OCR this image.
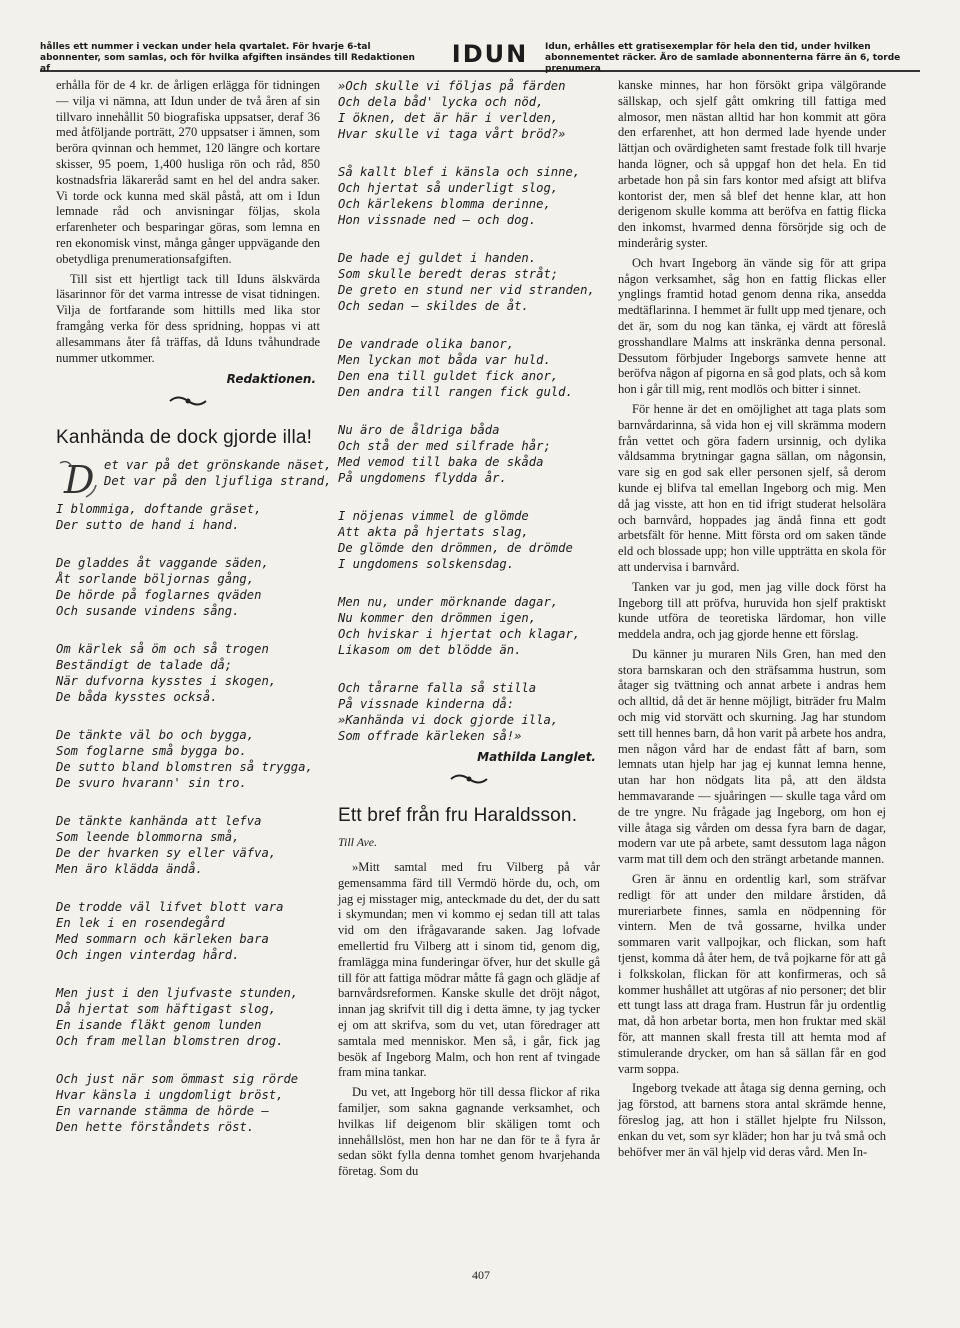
hålles ett nummer i veckan under hela qvartalet. För hvarje 6-tal abonnenter, som samlas, och för hvilka afgiften insändes till Redaktionen af
IDUN	Idun, erhålles ett gratisexemplar för hela den tid, under hvilken abonnementet räcker. Äro de samlade abonnenterna färre än 6, torde prenumera

erhålla för de 4 kr. de årligen erlägga för tidningen — vilja vi nämna, att Idun under de två åren af sin tillvaro innehållit 50 biografiska uppsatser, deraf 36 med åtföljande porträtt, 270 uppsatser i ämnen, som beröra qvinnan och hemmet, 120 längre och kortare skisser, 95 poem, 1,400 husliga rön och råd, 850 kostnadsfria läkareråd samt en hel del andra saker. Vi torde ock kunna med skäl påstå, att om i Idun lemnade råd och anvisningar följas, skola erfarenheter och besparingar göras, som lemna en ren ekonomisk vinst, många gånger uppvägande den obetydliga prenumerationsafgiften.

Till sist ett hjertligt tack till Iduns älskvärda läsarinnor för det varma intresse de visat tidningen. Vilja de fortfarande som hittills med lika stor framgång verka för dess spridning, hoppas vi att allesammans åter få träffas, då Iduns tvåhundrade nummer utkommer.

Redaktionen.
Kanhända de dock gjorde illa!
D et var på det grönskande näset,
Det var på den ljufliga strand,
I blommiga, doftande gräset,
Der sutto de hand i hand.
De gladdes åt vaggande säden,
Åt sorlande böljornas gång,
De hörde på foglarnes qväden
Och susande vindens sång.
Om kärlek så öm och så trogen
Beständigt de talade då;
När dufvorna kysstes i skogen,
De båda kysstes också.
De tänkte väl bo och bygga,
Som foglarne små bygga bo.
De sutto bland blomstren så trygga,
De svuro hvarann' sin tro.
De tänkte kanhända att lefva
Som leende blommorna små,
De der hvarken sy eller väfva,
Men äro klädda ändå.
De trodde väl lifvet blott vara
En lek i en rosendegård
Med sommarn och kärleken bara
Och ingen vinterdag hård.
Men just i den ljufvaste stunden,
Då hjertat som häftigast slog,
En isande fläkt genom lunden
Och fram mellan blomstren drog.
Och just när som ömmast sig rörde
Hvar känsla i ungdomligt bröst,
En varnande stämma de hörde —
Den hette förståndets röst.
»Och skulle vi följas på färden
Och dela båd' lycka och nöd,
I öknen, det är här i verlden,
Hvar skulle vi taga vårt bröd?»
Så kallt blef i känsla och sinne,
Och hjertat så underligt slog,
Och kärlekens blomma derinne,
Hon vissnade ned — och dog.
De hade ej guldet i handen.
Som skulle beredt deras stråt;
De greto en stund ner vid stranden,
Och sedan — skildes de åt.
De vandrade olika banor,
Men lyckan mot båda var huld.
Den ena till guldet fick anor,
Den andra till rangen fick guld.
Nu äro de åldriga båda
Och stå der med silfrade hår;
Med vemod till baka de skåda
På ungdomens flydda år.
I nöjenas vimmel de glömde
Att akta på hjertats slag,
De glömde den drömmen, de drömde
I ungdomens solskensdag.
Men nu, under mörknande dagar,
Nu kommer den drömmen igen,
Och hviskar i hjertat och klagar,
Likasom om det blödde än.
Och tårarne falla så stilla
På vissnade kinderna då:
»Kanhända vi dock gjorde illa,
Som offrade kärleken så!»
Mathilda Langlet.
Ett bref från fru Haraldsson.
Till Ave.

»Mitt samtal med fru Vilberg på vår gemensamma färd till Vermdö hörde du, och, om jag ej misstager mig, anteckmade du det, der du satt i skymundan; men vi kommo ej sedan till att talas vid om den ifrågavarande saken. Jag lofvade emellertid fru Vilberg att i sinom tid, genom dig, framlägga mina funderingar öfver, hur det skulle gå till för att fattiga mödrar måtte få gagn och glädje af barnvårdsreformen. Kanske skulle det dröjt något, innan jag skrifvit till dig i detta ämne, ty jag tycker ej om att skrifva, som du vet, utan föredrager att samtala med menniskor. Men så, i går, fick jag besök af Ingeborg Malm, och hon rent af tvingade fram mina tankar.

Du vet, att Ingeborg hör till dessa flickor af rika familjer, som sakna gagnande verksamhet, och hvilkas lif deigenom blir skäligen tomt och innehållslöst, men hon har ne dan för te å fyra år sedan sökt fylla denna tomhet genom hvarjehanda företag. Som du

kanske minnes, har hon försökt gripa välgörande sällskap, och sjelf gått omkring till fattiga med almosor, men nästan alltid har hon kommit att göra den erfarenhet, att hon dermed lade hyende under lättjan och ovärdigheten samt frestade folk till hvarje handa lögner, och så uppgaf hon det hela. En tid arbetade hon på sin fars kontor med afsigt att blifva kontorist der, men så blef det henne klar, att hon derigenom skulle komma att beröfva en fattig flicka den inkomst, hvarmed denna försörjde sig och de minderårig syster.

Och hvart Ingeborg än vände sig för att gripa någon verksamhet, såg hon en fattig flickas eller ynglings framtid hotad genom denna rika, ansedda medtäflarinna. I hemmet är fullt upp med tjenare, och det är, som du nog kan tänka, ej värdt att föreslå grosshandlare Malms att inskränka denna personal. Dessutom förbjuder Ingeborgs samvete henne att beröfva någon af pigorna en så god plats, och så kom hon i går till mig, rent modlös och bitter i sinnet.

För henne är det en omöjlighet att taga plats som barnvårdarinna, så vida hon ej vill skrämma modern från vettet och göra fadern ursinnig, och dylika våldsamma brytningar gagna sällan, om någonsin, vare sig en god sak eller personen sjelf, så derom kunde ej blifva tal emellan Ingeborg och mig. Men då jag visste, att hon en tid ifrigt studerat helsolära och barnvård, hoppades jag ändå finna ett godt arbetsfält för henne. Mitt första ord om saken tände eld och blossade upp; hon ville uppträtta en skola för att undervisa i barnvård.

Tanken var ju god, men jag ville dock först ha Ingeborg till att pröfva, huruvida hon sjelf praktiskt kunde utföra de teoretiska lärdomar, hon ville meddela andra, och jag gjorde henne ett förslag.

Du känner ju muraren Nils Gren, han med den stora barnskaran och den sträfsamma hustrun, som åtager sig tvättning och annat arbete i andras hem och alltid, då det är henne möjligt, biträder fru Malm och mig vid storvätt och skurning. Jag har stundom sett till hennes barn, då hon varit på arbete hos andra, men någon vård har de endast fått af barn, som lemnats utan hjelp har jag ej kunnat lemna henne, utan har hon nödgats lita på, att den äldsta hemmavarande — sjuåringen — skulle taga vård om de tre yngre. Nu frågade jag Ingeborg, om hon ej ville åtaga sig vården om dessa fyra barn de dagar, modern var ute på arbete, samt dessutom laga någon varm mat till dem och den strängt arbetande mannen.

Gren är ännu en ordentlig karl, som sträfvar redligt för att under den mildare årstiden, då mureriarbete finnes, samla en nödpenning för vintern. Men de två gossarne, hvilka under sommaren varit vallpojkar, och flickan, som haft tjenst, komma då åter hem, de två pojkarne för att gå i folkskolan, flickan för att konfirmeras, och så kommer hushållet att utgöras af nio personer; det blir ett tungt lass att draga fram. Hustrun får ju ordentlig mat, då hon arbetar borta, men hon fruktar med skäl för, att mannen skall fresta till att hemta mod af stimulerande drycker, om han så sällan får en god varm soppa.

Ingeborg tvekade att åtaga sig denna gerning, och jag förstod, att barnens stora antal skrämde henne, föreslog jag, att hon i stället hjelpte fru Nilsson, enkan du vet, som syr kläder; hon har ju två små och behöfver mer än väl hjelp vid deras vård. Men In-

407
